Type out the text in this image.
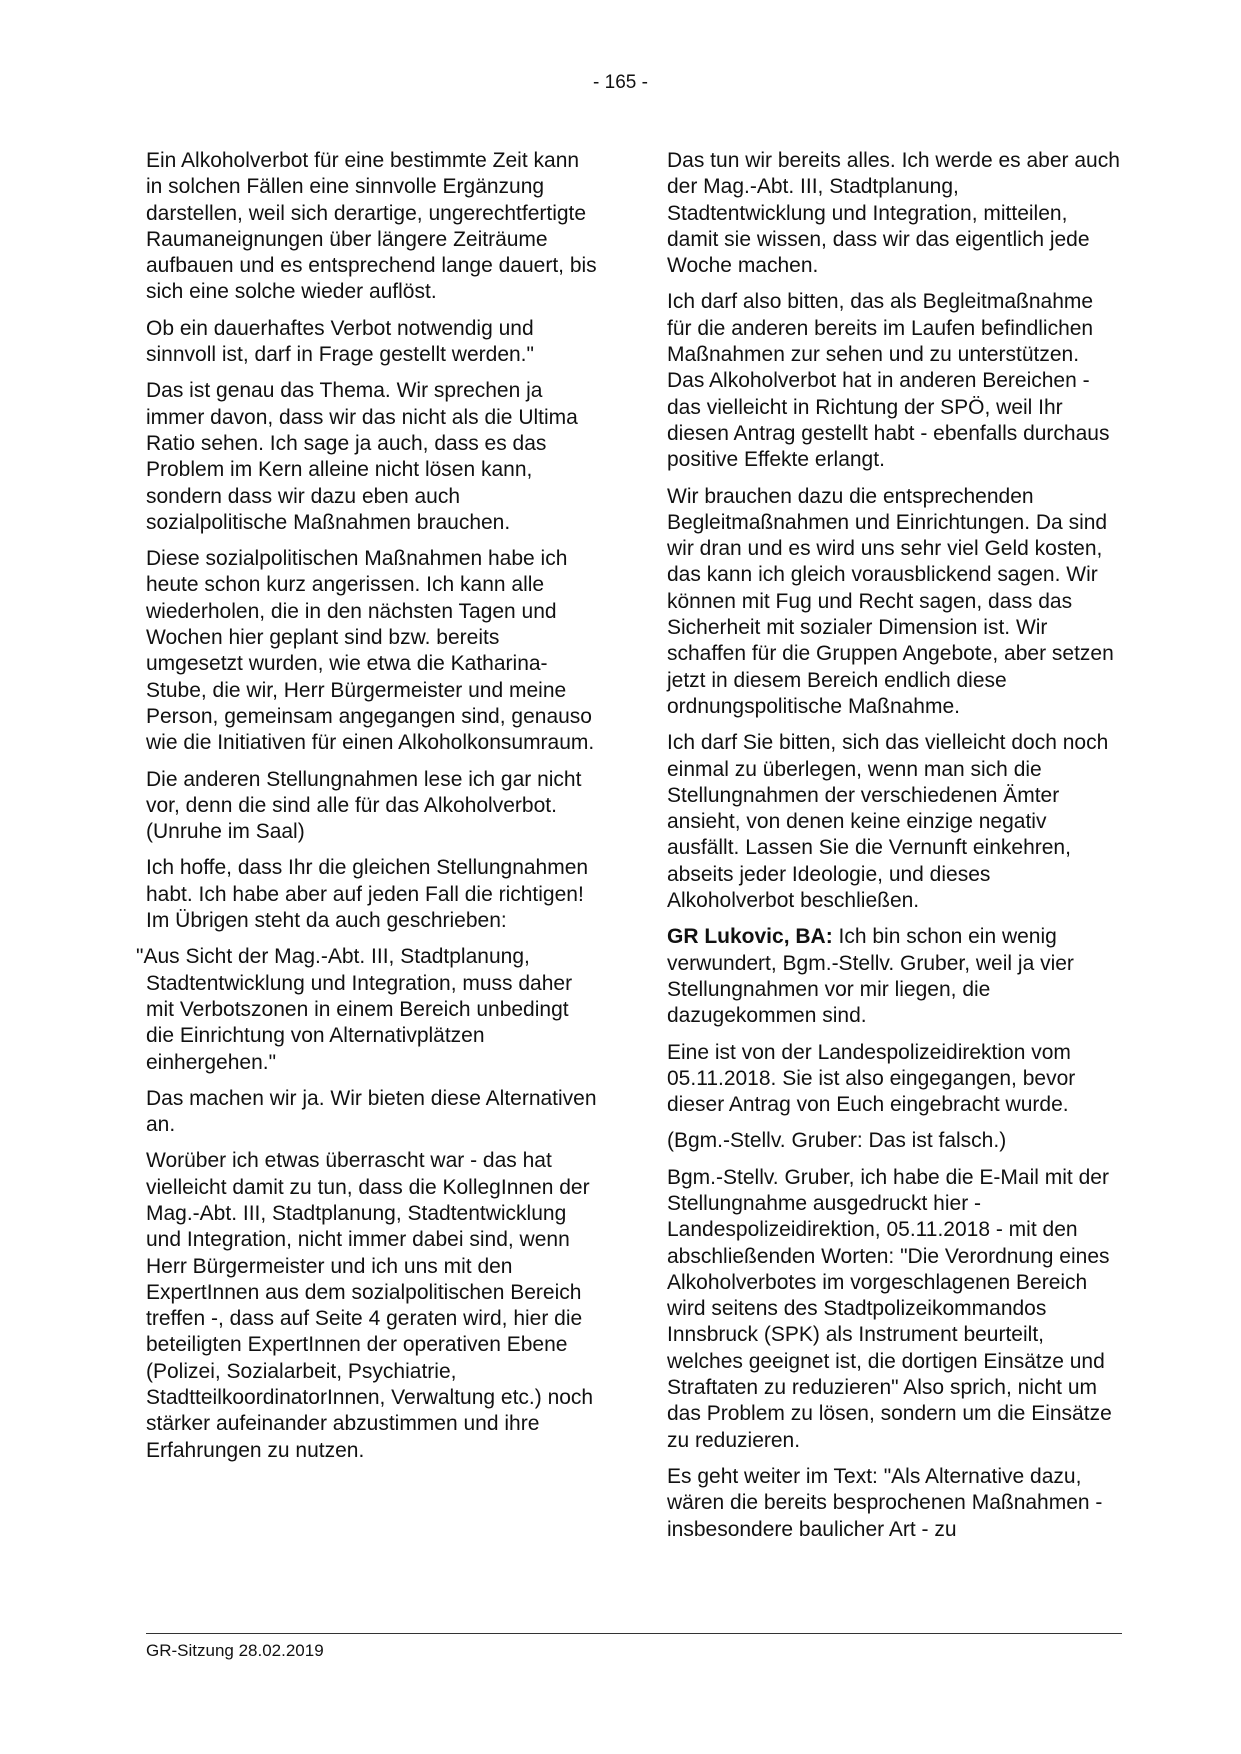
- 165 -

Ein Alkoholverbot für eine bestimmte Zeit kann in solchen Fällen eine sinnvolle Ergänzung darstellen, weil sich derartige, ungerechtfertigte Raumaneignungen über längere Zeiträume aufbauen und es entsprechend lange dauert, bis sich eine solche wieder auflöst.

Ob ein dauerhaftes Verbot notwendig und sinnvoll ist, darf in Frage gestellt werden."

Das ist genau das Thema. Wir sprechen ja immer davon, dass wir das nicht als die Ultima Ratio sehen. Ich sage ja auch, dass es das Problem im Kern alleine nicht lösen kann, sondern dass wir dazu eben auch sozialpolitische Maßnahmen brauchen.

Diese sozialpolitischen Maßnahmen habe ich heute schon kurz angerissen. Ich kann alle wiederholen, die in den nächsten Tagen und Wochen hier geplant sind bzw. bereits umgesetzt wurden, wie etwa die Katharina-Stube, die wir, Herr Bürgermeister und meine Person, gemeinsam angegangen sind, genauso wie die Initiativen für einen Alkoholkonsumraum.

Die anderen Stellungnahmen lese ich gar nicht vor, denn die sind alle für das Alkoholverbot. (Unruhe im Saal)

Ich hoffe, dass Ihr die gleichen Stellungnahmen habt. Ich habe aber auf jeden Fall die richtigen! Im Übrigen steht da auch geschrieben:

"Aus Sicht der Mag.-Abt. III, Stadtplanung, Stadtentwicklung und Integration, muss daher mit Verbotszonen in einem Bereich unbedingt die Einrichtung von Alternativplätzen einhergehen."

Das machen wir ja. Wir bieten diese Alternativen an.

Worüber ich etwas überrascht war - das hat vielleicht damit zu tun, dass die KollegInnen der Mag.-Abt. III, Stadtplanung, Stadtentwicklung und Integration, nicht immer dabei sind, wenn Herr Bürgermeister und ich uns mit den ExpertInnen aus dem sozialpolitischen Bereich treffen -, dass auf Seite 4 geraten wird, hier die beteiligten ExpertInnen der operativen Ebene (Polizei, Sozialarbeit, Psychiatrie, StadtteilkoordinatorInnen, Verwaltung etc.) noch stärker aufeinander abzustimmen und ihre Erfahrungen zu nutzen.

Das tun wir bereits alles. Ich werde es aber auch der Mag.-Abt. III, Stadtplanung, Stadtentwicklung und Integration, mitteilen, damit sie wissen, dass wir das eigentlich jede Woche machen.

Ich darf also bitten, das als Begleitmaßnahme für die anderen bereits im Laufen befindlichen Maßnahmen zur sehen und zu unterstützen. Das Alkoholverbot hat in anderen Bereichen - das vielleicht in Richtung der SPÖ, weil Ihr diesen Antrag gestellt habt - ebenfalls durchaus positive Effekte erlangt.

Wir brauchen dazu die entsprechenden Begleitmaßnahmen und Einrichtungen. Da sind wir dran und es wird uns sehr viel Geld kosten, das kann ich gleich vorausblickend sagen. Wir können mit Fug und Recht sagen, dass das Sicherheit mit sozialer Dimension ist. Wir schaffen für die Gruppen Angebote, aber setzen jetzt in diesem Bereich endlich diese ordnungspolitische Maßnahme.

Ich darf Sie bitten, sich das vielleicht doch noch einmal zu überlegen, wenn man sich die Stellungnahmen der verschiedenen Ämter ansieht, von denen keine einzige negativ ausfällt. Lassen Sie die Vernunft einkehren, abseits jeder Ideologie, und dieses Alkoholverbot beschließen.

GR Lukovic, BA: Ich bin schon ein wenig verwundert, Bgm.-Stellv. Gruber, weil ja vier Stellungnahmen vor mir liegen, die dazugekommen sind.

Eine ist von der Landespolizeidirektion vom 05.11.2018. Sie ist also eingegangen, bevor dieser Antrag von Euch eingebracht wurde.

(Bgm.-Stellv. Gruber: Das ist falsch.)

Bgm.-Stellv. Gruber, ich habe die E-Mail mit der Stellungnahme ausgedruckt hier - Landespolizeidirektion, 05.11.2018 - mit den abschließenden Worten: "Die Verordnung eines Alkoholverbotes im vorgeschlagenen Bereich wird seitens des Stadtpolizeikommandos Innsbruck (SPK) als Instrument beurteilt, welches geeignet ist, die dortigen Einsätze und Straftaten zu reduzieren" Also sprich, nicht um das Problem zu lösen, sondern um die Einsätze zu reduzieren.

Es geht weiter im Text: "Als Alternative dazu, wären die bereits besprochenen Maßnahmen - insbesondere baulicher Art - zu

GR-Sitzung 28.02.2019
